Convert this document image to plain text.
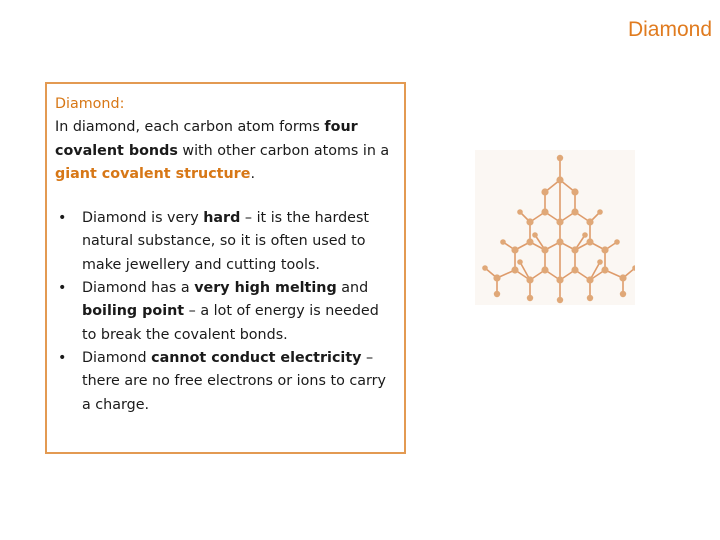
Diamond

Diamond:

In diamond, each carbon atom forms four covalent bonds with other carbon atoms in a giant covalent structure.

• Diamond is very hard – it is the hardest natural substance, so it is often used to make jewellery and cutting tools.
• Diamond has a very high melting and boiling point – a lot of energy is needed to break the covalent bonds.
• Diamond cannot conduct electricity – there are no free electrons or ions to carry a charge.
